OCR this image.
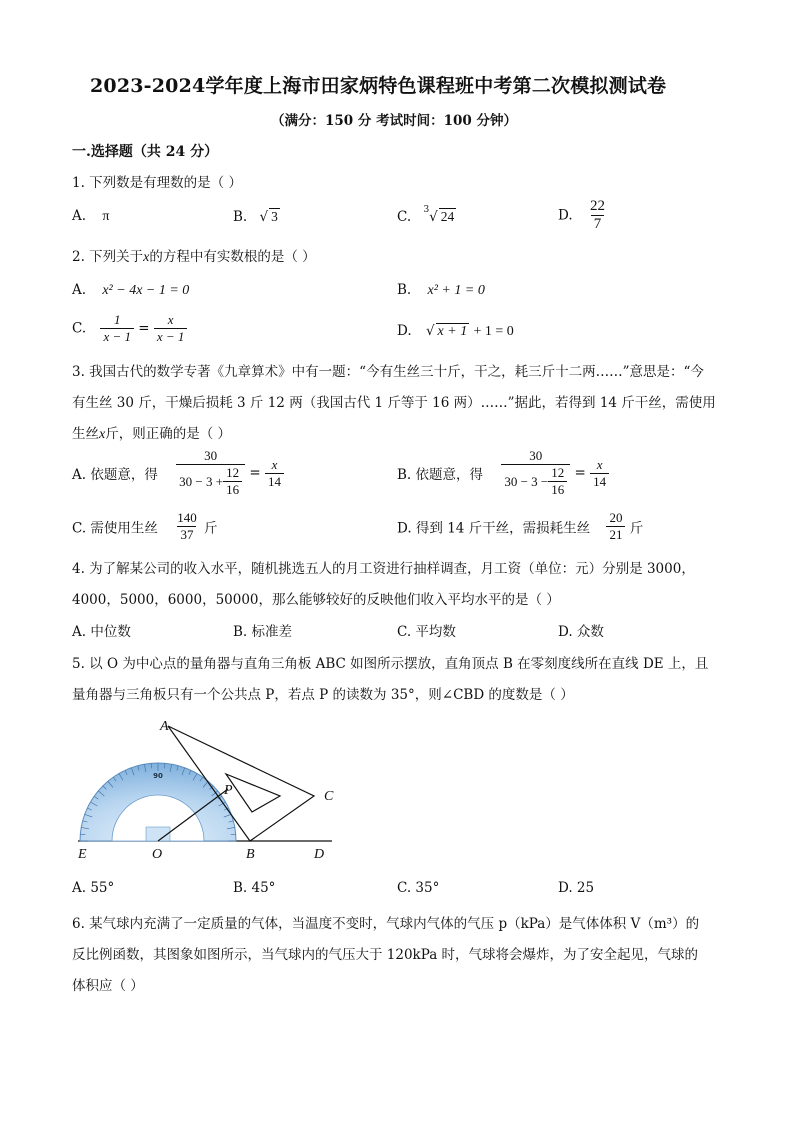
2023-2024学年度上海市田家炳特色课程班中考第二次模拟测试卷
（满分：150 分 考试时间：100 分钟）
一.选择题（共 24 分）
1. 下列数是有理数的是（ ）
A. π	B. √ 3	C. $^3$√ 24	D. $\frac{22}{7}$
2. 下列关于x的方程中有实数根的是（ ）
A. x² − 4x − 1 = 0	B. x² + 1 = 0
C. $\frac{1}{x - 1} = \frac{x}{x - 1}$	D. √ x + 1 + 1 = 0
3. 我国古代的数学专著《九章算术》中有一题：“今有生丝三十斤，干之，耗三斤十二两……”意思是：“今
有生丝 30 斤，干燥后损耗 3 斤 12 两（我国古代 1 斤等于 16 两）……”据此，若得到 14 斤干丝，需使用
生丝x斤，则正确的是（ ）
A. 依题意，得 $\frac{30}{30 - 3 + \frac{12}{16}} = \frac{x}{14}$	B. 依题意，得 $\frac{30}{30 - 3 - \frac{12}{16}} = \frac{x}{14}$
C. 需使用生丝 $\frac{140}{37}$ 斤	D. 得到 14 斤干丝，需损耗生丝 $\frac{20}{21}$ 斤
4. 为了解某公司的收入水平，随机挑选五人的月工资进行抽样调查，月工资（单位：元）分别是 3000，
4000，5000，6000，50000，那么能够较好的反映他们收入平均水平的是（ ）
A. 中位数	B. 标准差	C. 平均数	D. 众数
5. 以 O 为中心点的量角器与直角三角板 ABC 如图所示摆放，直角顶点 B 在零刻度线所在直线 DE 上，且
量角器与三角板只有一个公共点 P，若点 P 的读数为 35°，则∠CBD 的度数是（ ）
90
A
P	C
E	O	B	D
A. 55°	B. 45°	C. 35°	D. 25
6. 某气球内充满了一定质量的气体，当温度不变时，气球内气体的气压 p（kPa）是气体体积 V（m³）的
反比例函数，其图象如图所示，当气球内的气压大于 120kPa 时，气球将会爆炸，为了安全起见，气球的
体积应（ ）
